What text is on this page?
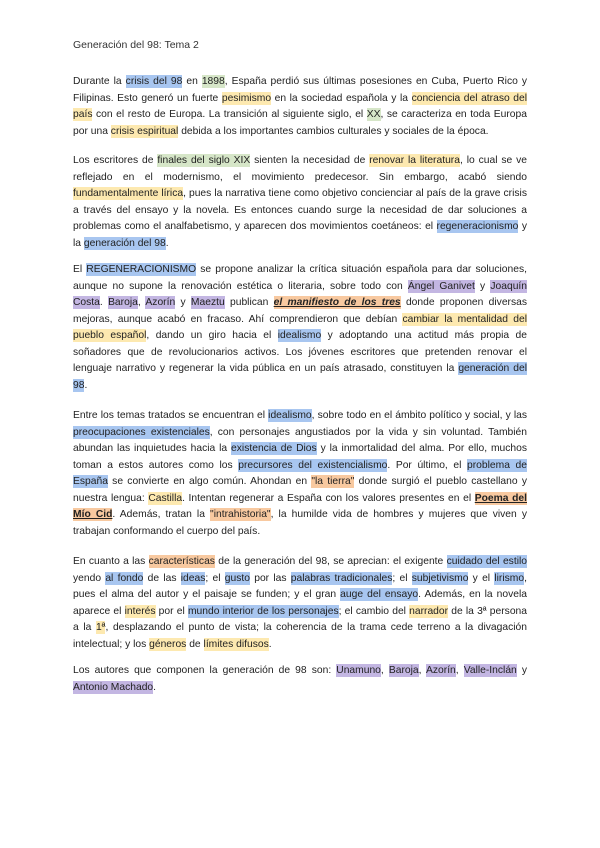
Generación del 98: Tema 2

Durante la crisis del 98 en 1898, España perdió sus últimas posesiones en Cuba, Puerto Rico y Filipinas. Esto generó un fuerte pesimismo en la sociedad española y la conciencia del atraso del país con el resto de Europa. La transición al siguiente siglo, el XX, se caracteriza en toda Europa por una crisis espiritual debida a los importantes cambios culturales y sociales de la época.

Los escritores de finales del siglo XIX sienten la necesidad de renovar la literatura, lo cual se ve reflejado en el modernismo, el movimiento predecesor. Sin embargo, acabó siendo fundamentalmente lírica, pues la narrativa tiene como objetivo concienciar al país de la grave crisis a través del ensayo y la novela. Es entonces cuando surge la necesidad de dar soluciones a problemas como el analfabetismo, y aparecen dos movimientos coetáneos: el regeneracionismo y la generación del 98.

El REGENERACIONISMO se propone analizar la crítica situación española para dar soluciones, aunque no supone la renovación estética o literaria, sobre todo con Ángel Ganivet y Joaquín Costa. Baroja, Azorín y Maeztu publican el manifiesto de los tres donde proponen diversas mejoras, aunque acabó en fracaso. Ahí comprendieron que debían cambiar la mentalidad del pueblo español, dando un giro hacia el idealismo y adoptando una actitud más propia de soñadores que de revolucionarios activos. Los jóvenes escritores que pretenden renovar el lenguaje narrativo y regenerar la vida pública en un país atrasado, constituyen la generación del 98.

Entre los temas tratados se encuentran el idealismo, sobre todo en el ámbito político y social, y las preocupaciones existenciales, con personajes angustiados por la vida y sin voluntad. También abundan las inquietudes hacia la existencia de Dios y la inmortalidad del alma. Por ello, muchos toman a estos autores como los precursores del existencialismo. Por último, el problema de España se convierte en algo común. Ahondan en "la tierra" donde surgió el pueblo castellano y nuestra lengua: Castilla. Intentan regenerar a España con los valores presentes en el Poema del Mío Cid. Además, tratan la "intrahistoria", la humilde vida de hombres y mujeres que viven y trabajan conformando el cuerpo del país.

En cuanto a las características de la generación del 98, se aprecian: el exigente cuidado del estilo yendo al fondo de las ideas; el gusto por las palabras tradicionales; el subjetivismo y el lirismo, pues el alma del autor y el paisaje se funden; y el gran auge del ensayo. Además, en la novela aparece el interés por el mundo interior de los personajes; el cambio del narrador de la 3ª persona a la 1ª, desplazando el punto de vista; la coherencia de la trama cede terreno a la divagación intelectual; y los géneros de límites difusos.

Los autores que componen la generación de 98 son: Unamuno, Baroja, Azorín, Valle-Inclán y Antonio Machado.
